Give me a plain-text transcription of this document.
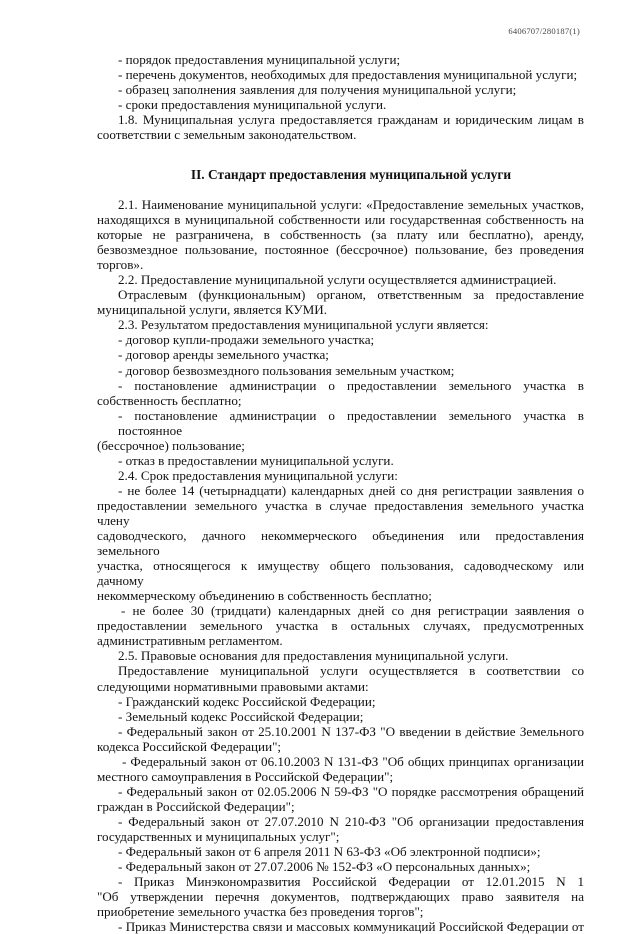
6406707/280187(1)
- порядок предоставления муниципальной услуги;
- перечень документов, необходимых для предоставления муниципальной услуги;
- образец заполнения заявления для получения муниципальной услуги;
- сроки предоставления муниципальной услуги.
1.8. Муниципальная услуга предоставляется гражданам и юридическим лицам в
соответствии с земельным законодательством.
II. Стандарт предоставления муниципальной услуги
2.1. Наименование муниципальной услуги: «Предоставление земельных участков,
находящихся в муниципальной собственности или государственная собственность на
которые не разграничена, в собственность (за плату или бесплатно), аренду,
безвозмездное пользование, постоянное (бессрочное) пользование, без проведения
торгов».
2.2. Предоставление муниципальной услуги осуществляется администрацией.
Отраслевым (функциональным) органом, ответственным за предоставление
муниципальной услуги, является КУМИ.
2.3. Результатом предоставления муниципальной услуги является:
- договор купли-продажи земельного участка;
- договор аренды земельного участка;
- договор безвозмездного пользования земельным участком;
- постановление администрации о предоставлении земельного участка в
собственность бесплатно;
- постановление администрации о предоставлении земельного участка в постоянное
(бессрочное) пользование;
- отказ в предоставлении муниципальной услуги.
2.4. Срок предоставления муниципальной услуги:
- не более 14 (четырнадцати) календарных дней со дня регистрации заявления о
предоставлении земельного участка в случае предоставления земельного участка члену
садоводческого, дачного некоммерческого объединения или предоставления земельного
участка, относящегося к имуществу общего пользования, садоводческому или дачному
некоммерческому объединению в собственность бесплатно;
- не более 30 (тридцати) календарных дней со дня регистрации заявления о
предоставлении земельного участка в остальных случаях, предусмотренных
административным регламентом.
2.5. Правовые основания для предоставления муниципальной услуги.
Предоставление муниципальной услуги осуществляется в соответствии со
следующими нормативными правовыми актами:
- Гражданский кодекс Российской Федерации;
- Земельный кодекс Российской Федерации;
- Федеральный закон от 25.10.2001 N 137-ФЗ "О введении в действие Земельного
кодекса Российской Федерации";
- Федеральный закон от 06.10.2003 N 131-ФЗ "Об общих принципах организации
местного самоуправления в Российской Федерации";
- Федеральный закон от 02.05.2006 N 59-ФЗ "О порядке рассмотрения обращений
граждан в Российской Федерации";
- Федеральный закон от 27.07.2010 N 210-ФЗ "Об организации предоставления
государственных и муниципальных услуг";
- Федеральный закон от 6 апреля 2011 N 63-ФЗ «Об электронной подписи»;
- Федеральный закон от 27.07.2006 № 152-ФЗ «О персональных данных»;
- Приказ Минэкономразвития Российской Федерации от 12.01.2015 N 1
"Об утверждении перечня документов, подтверждающих право заявителя на
приобретение земельного участка без проведения торгов";
- Приказ Министерства связи и массовых коммуникаций Российской Федерации от
